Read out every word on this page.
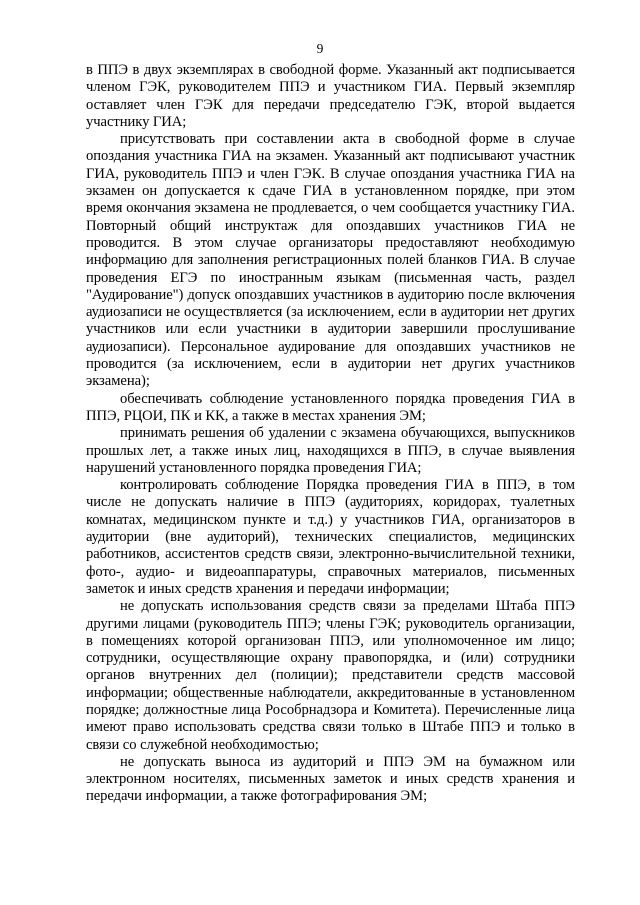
9

в ППЭ в двух экземплярах в свободной форме. Указанный акт подписывается членом ГЭК, руководителем ППЭ и участником ГИА. Первый экземпляр оставляет член ГЭК для передачи председателю ГЭК, второй выдается участнику ГИА;

присутствовать при составлении акта в свободной форме в случае опоздания участника ГИА на экзамен. Указанный акт подписывают участник ГИА, руководитель ППЭ и член ГЭК. В случае опоздания участника ГИА на экзамен он допускается к сдаче ГИА в установленном порядке, при этом время окончания экзамена не продлевается, о чем сообщается участнику ГИА. Повторный общий инструктаж для опоздавших участников ГИА не проводится. В этом случае организаторы предоставляют необходимую информацию для заполнения регистрационных полей бланков ГИА. В случае проведения ЕГЭ по иностранным языкам (письменная часть, раздел "Аудирование") допуск опоздавших участников в аудиторию после включения аудиозаписи не осуществляется (за исключением, если в аудитории нет других участников или если участники в аудитории завершили прослушивание аудиозаписи). Персональное аудирование для опоздавших участников не проводится (за исключением, если в аудитории нет других участников экзамена);

обеспечивать соблюдение установленного порядка проведения ГИА в ППЭ, РЦОИ, ПК и КК, а также в местах хранения ЭМ;

принимать решения об удалении с экзамена обучающихся, выпускников прошлых лет, а также иных лиц, находящихся в ППЭ, в случае выявления нарушений установленного порядка проведения ГИА;

контролировать соблюдение Порядка проведения ГИА в ППЭ, в том числе не допускать наличие в ППЭ (аудиториях, коридорах, туалетных комнатах, медицинском пункте и т.д.) у участников ГИА, организаторов в аудитории (вне аудиторий), технических специалистов, медицинских работников, ассистентов средств связи, электронно-вычислительной техники, фото-, аудио- и видеоаппаратуры, справочных материалов, письменных заметок и иных средств хранения и передачи информации;

не допускать использования средств связи за пределами Штаба ППЭ другими лицами (руководитель ППЭ; члены ГЭК; руководитель организации, в помещениях которой организован ППЭ, или уполномоченное им лицо; сотрудники, осуществляющие охрану правопорядка, и (или) сотрудники органов внутренних дел (полиции); представители средств массовой информации; общественные наблюдатели, аккредитованные в установленном порядке; должностные лица Рособрнадзора и Комитета). Перечисленные лица имеют право использовать средства связи только в Штабе ППЭ и только в связи со служебной необходимостью;

не допускать выноса из аудиторий и ППЭ ЭМ на бумажном или электронном носителях, письменных заметок и иных средств хранения и передачи информации, а также фотографирования ЭМ;
